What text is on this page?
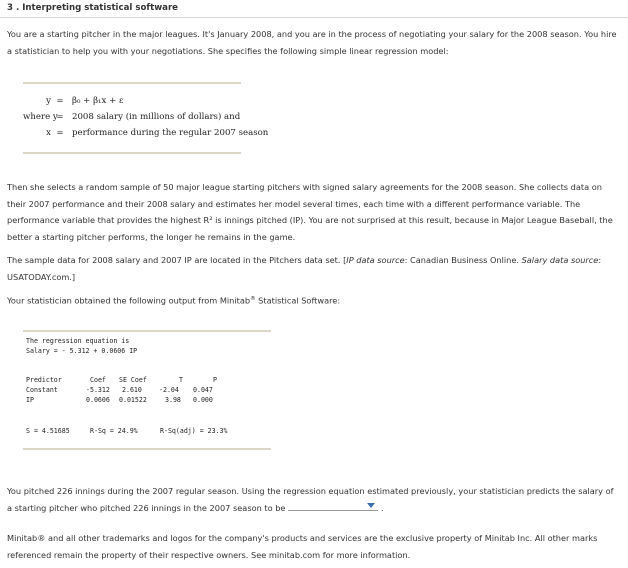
3 . Interpreting statistical software
You are a starting pitcher in the major leagues. It's January 2008, and you are in the process of negotiating your salary for the 2008 season. You hire a statistician to help you with your negotiations. She specifies the following simple linear regression model:
y = β₀ + β₁x + ε
where y
= 2008 salary (in millions of dollars) and
x = performance during the regular 2007 season
Then she selects a random sample of 50 major league starting pitchers with signed salary agreements for the 2008 season. She collects data on their 2007 performance and their 2008 salary and estimates her model several times, each time with a different performance variable. The performance variable that provides the highest R² is innings pitched (IP). You are not surprised at this result, because in Major League Baseball, the better a starting pitcher performs, the longer he remains in the game.
The sample data for 2008 salary and 2007 IP are located in the Pitchers data set. [IP data source: Canadian Business Online. Salary data source: USATODAY.com.]
Your statistician obtained the following output from Minitab® Statistical Software:
The regression equation is
Salary = - 5.312 + 0.0606 IP
Predictor	Coef SE Coef	T	P
Constant	-5.312 2.610	-2.04 0.047
IP	0.0606 0.01522	3.98 0.000
S = 4.51685	R-Sq = 24.9%	R-Sq(adj) = 23.3%
You pitched 226 innings during the 2007 regular season. Using the regression equation estimated previously, your statistician predicts the salary of a starting pitcher who pitched 226 innings in the 2007 season to be	.
Minitab® and all other trademarks and logos for the company's products and services are the exclusive property of Minitab Inc. All other marks referenced remain the property of their respective owners. See minitab.com for more information.
